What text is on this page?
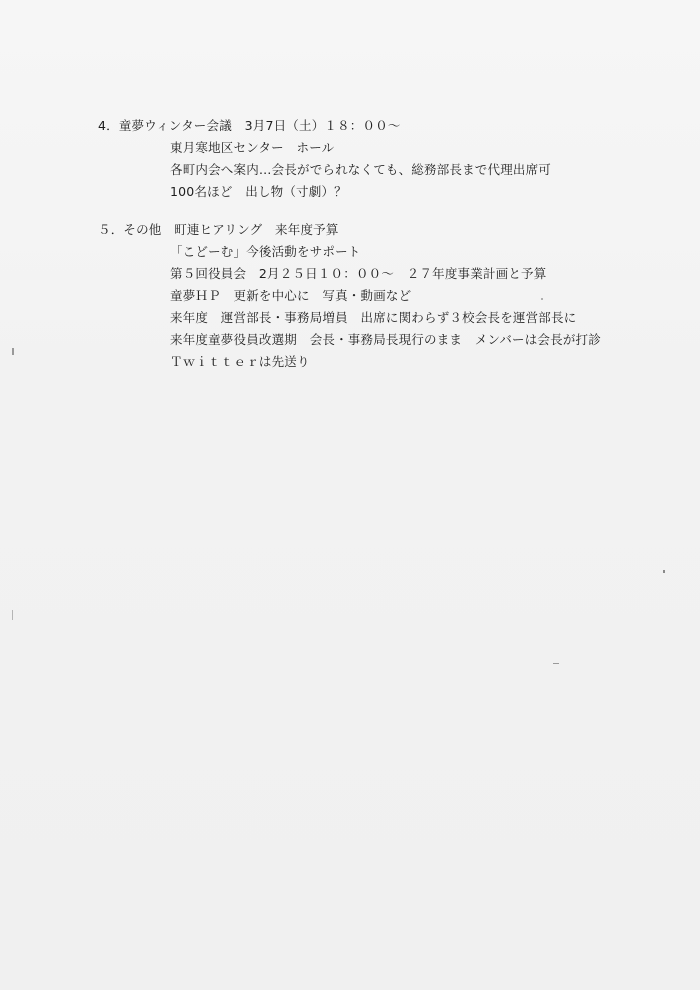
4．童夢ウィンター会議　3月7日（土）１８：００～
東月寒地区センター　ホール
各町内会へ案内…会長がでられなくても、総務部長まで代理出席可
100名ほど　出し物（寸劇）？
５．その他　町連ヒアリング　来年度予算
「こどーむ」今後活動をサポート
第５回役員会　2月２５日１０：００～　２７年度事業計画と予算
童夢ＨＰ　更新を中心に　写真・動画など
来年度　運営部長・事務局増員　出席に関わらず３校会長を運営部長に
来年度童夢役員改選期　会長・事務局長現行のまま　メンバーは会長が打診
Ｔｗｉｔｔｅｒは先送り
